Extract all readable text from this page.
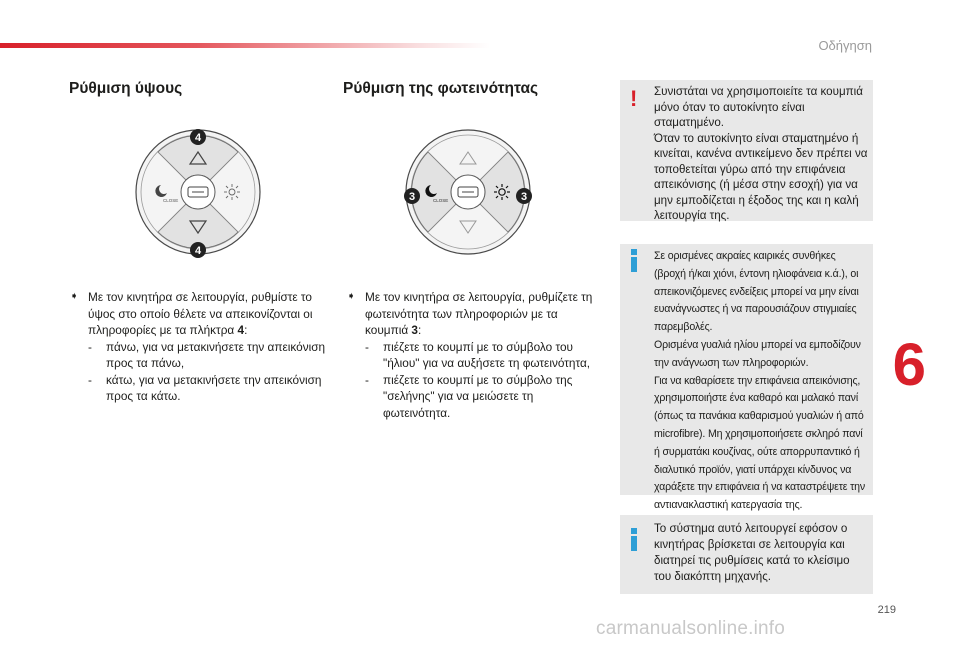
Οδήγηση
Ρύθμιση ύψους	Ρύθμιση της φωτεινότητας
CLOSE
4
4
CLOSE
3	3
➧ Με τον κινητήρα σε λειτουργία, ρυθμίστε το ύψος στο οποίο θέλετε να απεικονίζονται οι πληροφορίες με τα πλήκτρα 4:
- πάνω, για να μετακινήσετε την απεικόνιση προς τα πάνω,
- κάτω, για να μετακινήσετε την απεικόνιση προς τα κάτω.
➧ Με τον κινητήρα σε λειτουργία, ρυθμίζετε τη φωτεινότητα των πληροφοριών με τα κουμπιά 3:
- πιέζετε το κουμπί με το σύμβολο του "ήλιου" για να αυξήσετε τη φωτεινότητα,
- πιέζετε το κουμπί με το σύμβολο της "σελήνης" για να μειώσετε τη φωτεινότητα.
! Συνιστάται να χρησιμοποιείτε τα κουμπιά μόνο όταν το αυτοκίνητο είναι σταματημένο.
Όταν το αυτοκίνητο είναι σταματημένο ή κινείται, κανένα αντικείμενο δεν πρέπει να τοποθετείται γύρω από την επιφάνεια απεικόνισης (ή μέσα στην εσοχή) για να μην εμποδίζεται η έξοδος της και η καλή λειτουργία της.
Σε ορισμένες ακραίες καιρικές συνθήκες (βροχή ή/και χιόνι, έντονη ηλιοφάνεια κ.ά.), οι απεικονιζόμενες ενδείξεις μπορεί να μην είναι ευανάγνωστες ή να παρουσιάζουν στιγμιαίες παρεμβολές.
Ορισμένα γυαλιά ηλίου μπορεί να εμποδίζουν την ανάγνωση των πληροφοριών.
Για να καθαρίσετε την επιφάνεια απεικόνισης, χρησιμοποιήστε ένα καθαρό και μαλακό πανί (όπως τα πανάκια καθαρισμού γυαλιών ή από microfibre). Μη χρησιμοποιήσετε σκληρό πανί ή συρματάκι κουζίνας, ούτε απορρυπαντικό ή διαλυτικό προϊόν, γιατί υπάρχει κίνδυνος να χαράξετε την επιφάνεια ή να καταστρέψετε την αντιανακλαστική κατεργασία της.
Το σύστημα αυτό λειτουργεί εφόσον ο κινητήρας βρίσκεται σε λειτουργία και διατηρεί τις ρυθμίσεις κατά το κλείσιμο του διακόπτη μηχανής.
6
219
carmanualsonline.info
